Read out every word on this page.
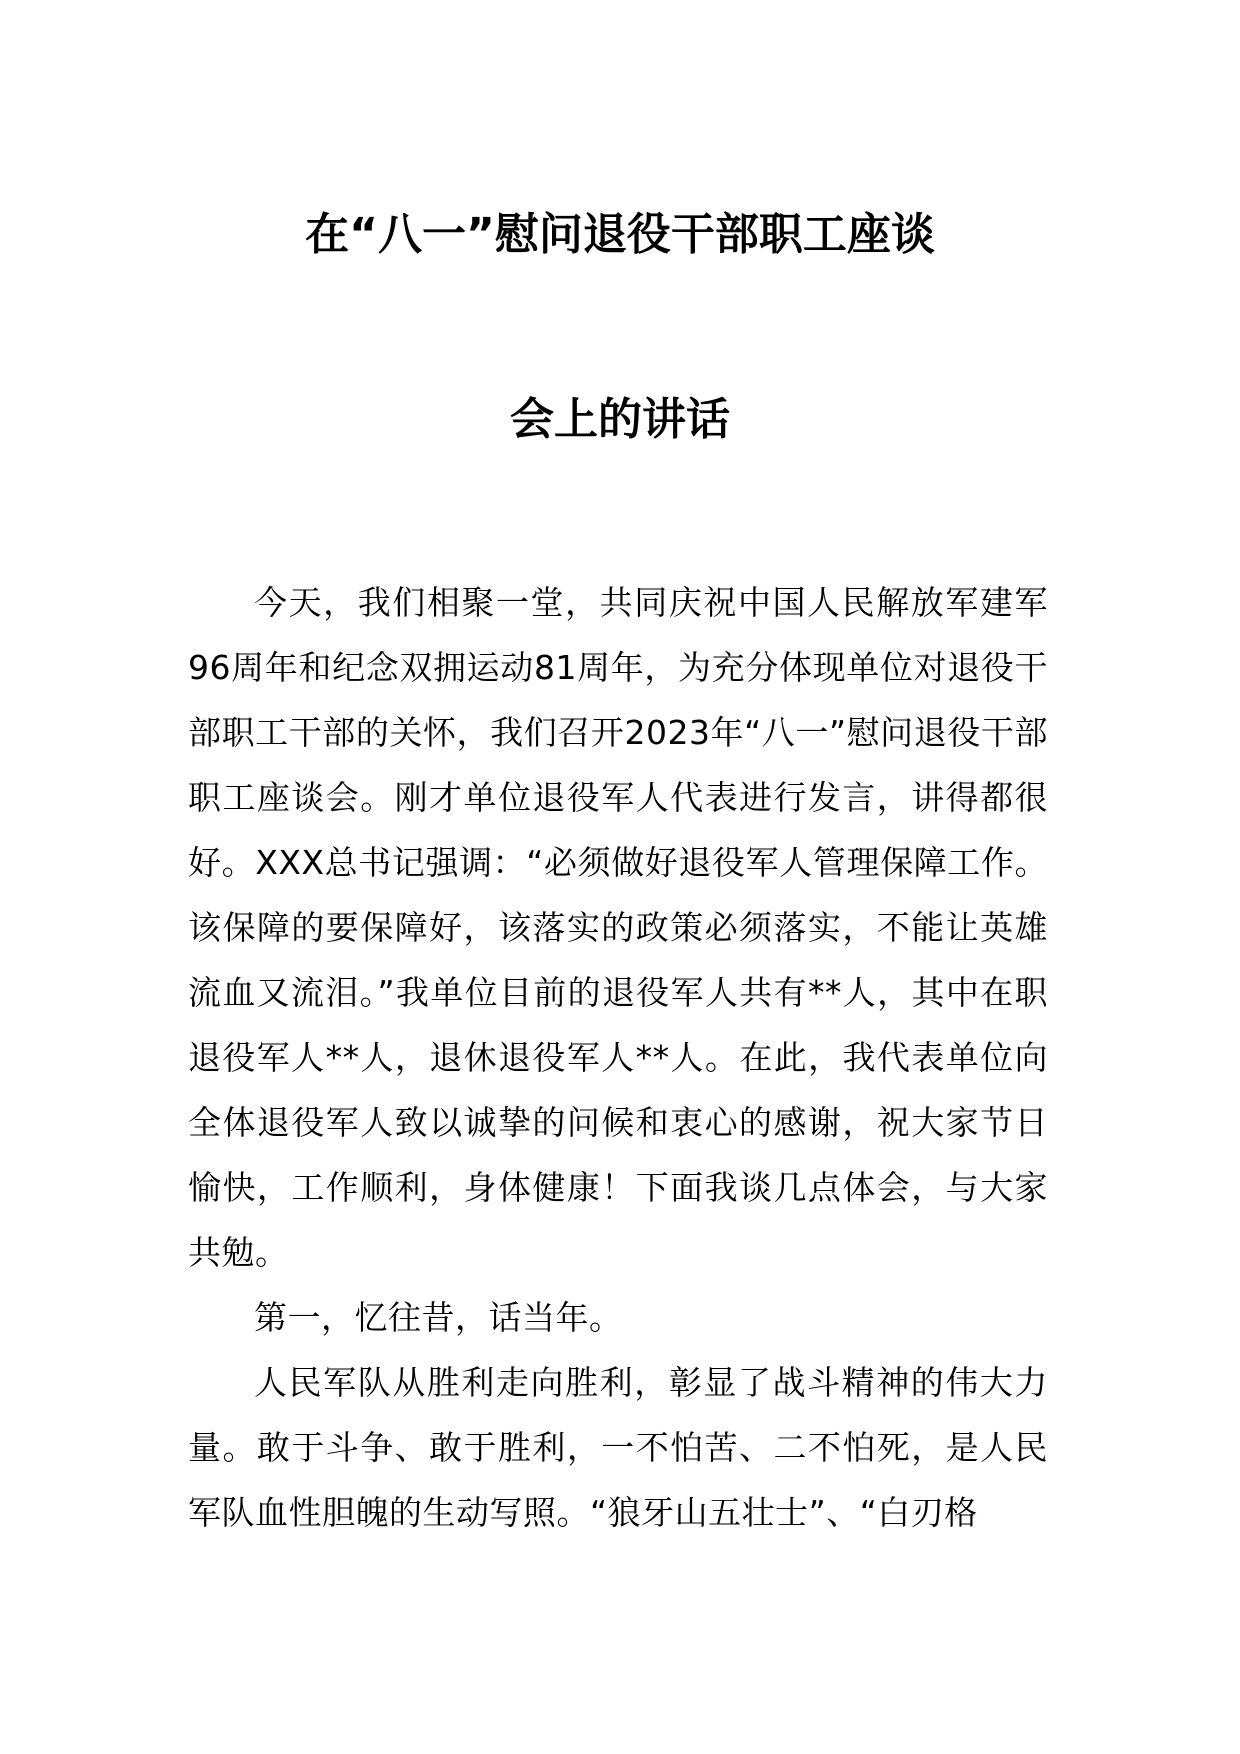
在“八一”慰问退役干部职工座谈
会上的讲话

今天，我们相聚一堂，共同庆祝中国人民解放军建军96周年和纪念双拥运动81周年，为充分体现单位对退役干部职工干部的关怀，我们召开2023年“八一”慰问退役干部职工座谈会。刚才单位退役军人代表进行发言，讲得都很好。XXX总书记强调：“必须做好退役军人管理保障工作。该保障的要保障好，该落实的政策必须落实，不能让英雄流血又流泪。”我单位目前的退役军人共有**人，其中在职退役军人**人，退休退役军人**人。在此，我代表单位向全体退役军人致以诚挚的问候和衷心的感谢，祝大家节日愉快，工作顺利，身体健康！下面我谈几点体会，与大家共勉。

第一，忆往昔，话当年。

人民军队从胜利走向胜利，彰显了战斗精神的伟大力量。敢于斗争、敢于胜利，一不怕苦、二不怕死，是人民军队血性胆魄的生动写照。“狼牙山五壮士”、“白刃格
